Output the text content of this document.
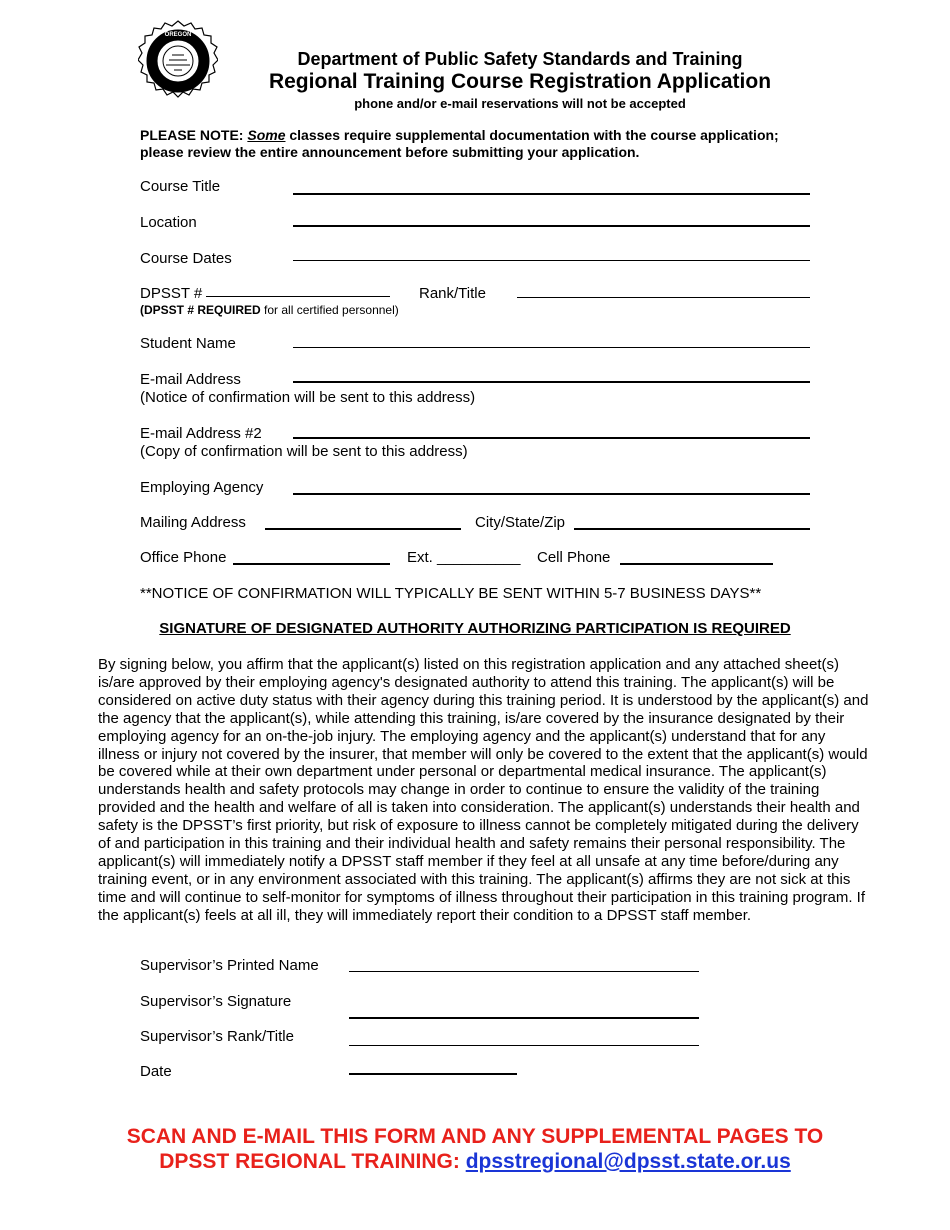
OREGON
Department of Public Safety Standards and Training
Regional Training Course Registration Application
phone and/or e-mail reservations will not be accepted
PLEASE NOTE: Some classes require supplemental documentation with the course application;
please review the entire announcement before submitting your application.
Course Title
Location
Course Dates
DPSST #
(DPSST # REQUIRED for all certified personnel)
Rank/Title
Student Name
E-mail Address
(Notice of confirmation will be sent to this address)
E-mail Address #2
(Copy of confirmation will be sent to this address)
Employing Agency
Mailing Address	City/State/Zip
Office Phone	Ext. __________ Cell Phone
**NOTICE OF CONFIRMATION WILL TYPICALLY BE SENT WITHIN 5-7 BUSINESS DAYS**
SIGNATURE OF DESIGNATED AUTHORITY AUTHORIZING PARTICIPATION IS REQUIRED
By signing below, you affirm that the applicant(s) listed on this registration application and any attached sheet(s) is/are approved by their employing agency's designated authority to attend this training. The applicant(s) will be considered on active duty status with their agency during this training period. It is understood by the applicant(s) and the agency that the applicant(s), while attending this training, is/are covered by the insurance designated by their employing agency for an on-the-job injury. The employing agency and the applicant(s) understand that for any illness or injury not covered by the insurer, that member will only be covered to the extent that the applicant(s) would be covered while at their own department under personal or departmental medical insurance. The applicant(s) understands health and safety protocols may change in order to continue to ensure the validity of the training provided and the health and welfare of all is taken into consideration. The applicant(s) understands their health and safety is the DPSST’s first priority, but risk of exposure to illness cannot be completely mitigated during the delivery of and participation in this training and their individual health and safety remains their personal responsibility. The applicant(s) will immediately notify a DPSST staff member if they feel at all unsafe at any time before/during any training event, or in any environment associated with this training. The applicant(s) affirms they are not sick at this time and will continue to self-monitor for symptoms of illness throughout their participation in this training program. If the applicant(s) feels at all ill, they will immediately report their condition to a DPSST staff member.
Supervisor’s Printed Name
Supervisor’s Signature
Supervisor’s Rank/Title
Date
SCAN AND E-MAIL THIS FORM AND ANY SUPPLEMENTAL PAGES TO
DPSST REGIONAL TRAINING: dpsstregional@dpsst.state.or.us
